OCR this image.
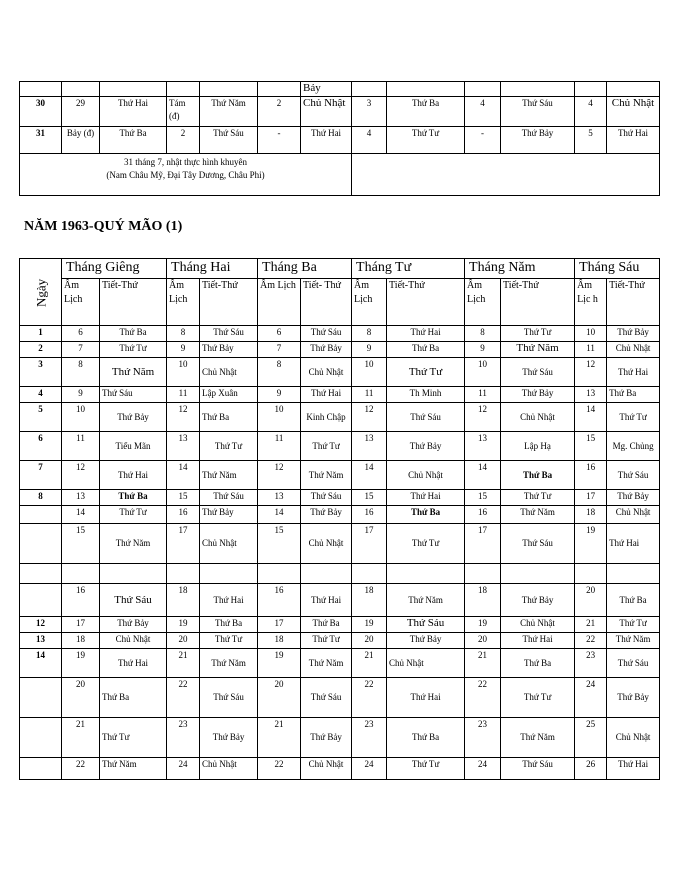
						Bảy						
30	29	Thứ Hai	Tám (đ)	Thứ Năm	2	Chủ Nhật	3	Thứ Ba	4	Thứ Sáu	4	Chủ Nhật
31	Bảy (đ)	Thứ Ba	2	Thứ Sáu	-	Thứ Hai	4	Thứ Tư	-	Thứ Bảy	5	Thứ Hai

31 tháng 7, nhật thực hình khuyên
(Nam Châu Mỹ, Đại Tây Dương, Châu Phi)												

NĂM 1963-QUÝ MÃO (1)
Ngày	Tháng Giêng		Tháng Hai		Tháng Ba		Tháng Tư		Tháng Năm		Tháng Sáu	
	Âm Lịch	Tiết-Thứ	Âm Lịch	Tiết-Thứ	Âm Lịch	Tiết- Thứ	Âm Lịch	Tiết-Thứ	Âm Lịch	Tiết-Thứ	Âm Lịc h	Tiết-Thứ
1	6	Thứ Ba	8	Thứ Sáu	6	Thứ Sáu	8	Thứ Hai	8	Thứ Tư	10	Thứ Bảy
2	7	Thứ Tư	9	Thứ Bảy	7	Thứ Bảy	9	Thứ Ba	9	Thứ Năm	11	Chủ Nhật
3	8	Thứ Năm	10	Chủ Nhật	8	Chủ Nhật	10	Thứ Tư	10	Thứ Sáu	12	Thứ Hai
4	9	Thứ Sáu	11	Lập Xuân	9	Thứ Hai	11	Th Minh	11	Thứ Bảy	13	Thứ Ba
5	10	Thứ Bảy	12	Thứ Ba	10	Kinh Chập	12	Thứ Sáu	12	Chủ Nhật	14	Thứ Tư
6	11	Tiểu Mãn	13	Thứ Tư	11	Thứ Tư	13	Thứ Bảy	13	Lập Hạ	15	Mg. Chủng
7	12	Thứ Hai	14	Thứ Năm	12	Thứ Năm	14	Chủ Nhật	14	Thứ Ba	16	Thứ Sáu
8	13	Thứ Ba	15	Thứ Sáu	13	Thứ Sáu	15	Thứ Hai	15	Thứ Tư	17	Thứ Bảy
	14	Thứ Tư	16	Thứ Bảy	14	Thứ Bảy	16	Thứ Ba	16	Thứ Năm	18	Chủ Nhật
	15	Thứ Năm	17	Chủ Nhật	15	Chủ Nhật	17	Thứ Tư	17	Thứ Sáu	19	Thứ Hai

	16	Thứ Sáu	18	Thứ Hai	16	Thứ Hai	18	Thứ Năm	18	Thứ Bảy	20	Thứ Ba
12	17	Thứ Bảy	19	Thứ Ba	17	Thứ Ba	19	Thứ Sáu	19	Chủ Nhật	21	Thứ Tư
13	18	Chủ Nhật	20	Thứ Tư	18	Thứ Tư	20	Thứ Bảy	20	Thứ Hai	22	Thứ Năm
14	19	Thứ Hai	21	Thứ Năm	19	Thứ Năm	21	Chủ Nhật	21	Thứ Ba	23	Thứ Sáu
	20	Thứ Ba	22	Thứ Sáu	20	Thứ Sáu	22	Thứ Hai	22	Thứ Tư	24	Thứ Bảy
	21	Thứ Tư	23	Thứ Bảy	21	Thứ Bảy	23	Thứ Ba	23	Thứ Năm	25	Chủ Nhật
	22	Thứ Năm	24	Chủ Nhật	22	Chủ Nhật	24	Thứ Tư	24	Thứ Sáu	26	Thứ Hai
